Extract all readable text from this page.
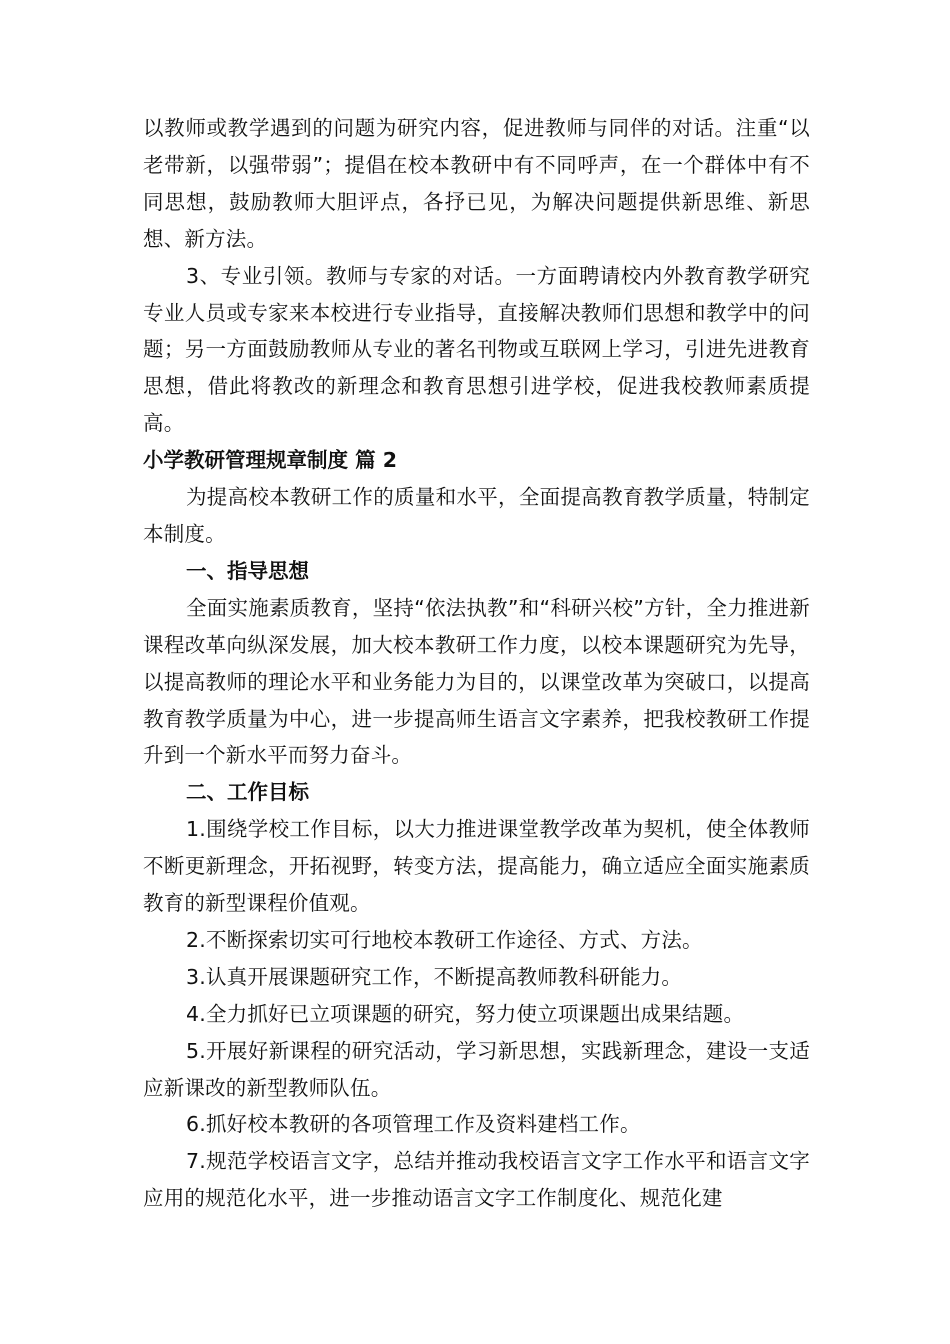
以教师或教学遇到的问题为研究内容，促进教师与同伴的对话。注重“以老带新，以强带弱”；提倡在校本教研中有不同呼声，在一个群体中有不同思想，鼓励教师大胆评点，各抒已见，为解决问题提供新思维、新思想、新方法。

3、专业引领。教师与专家的对话。一方面聘请校内外教育教学研究专业人员或专家来本校进行专业指导，直接解决教师们思想和教学中的问题；另一方面鼓励教师从专业的著名刊物或互联网上学习，引进先进教育思想，借此将教改的新理念和教育思想引进学校，促进我校教师素质提高。

小学教研管理规章制度 篇 2

为提高校本教研工作的质量和水平，全面提高教育教学质量，特制定本制度。

一、指导思想

全面实施素质教育，坚持“依法执教”和“科研兴校”方针，全力推进新课程改革向纵深发展，加大校本教研工作力度，以校本课题研究为先导，以提高教师的理论水平和业务能力为目的，以课堂改革为突破口，以提高教育教学质量为中心，进一步提高师生语言文字素养，把我校教研工作提升到一个新水平而努力奋斗。

二、工作目标

1.围绕学校工作目标，以大力推进课堂教学改革为契机，使全体教师不断更新理念，开拓视野，转变方法，提高能力，确立适应全面实施素质教育的新型课程价值观。

2.不断探索切实可行地校本教研工作途径、方式、方法。

3.认真开展课题研究工作，不断提高教师教科研能力。

4.全力抓好已立项课题的研究，努力使立项课题出成果结题。

5.开展好新课程的研究活动，学习新思想，实践新理念，建设一支适应新课改的新型教师队伍。

6.抓好校本教研的各项管理工作及资料建档工作。

7.规范学校语言文字，总结并推动我校语言文字工作水平和语言文字应用的规范化水平，进一步推动语言文字工作制度化、规范化建
